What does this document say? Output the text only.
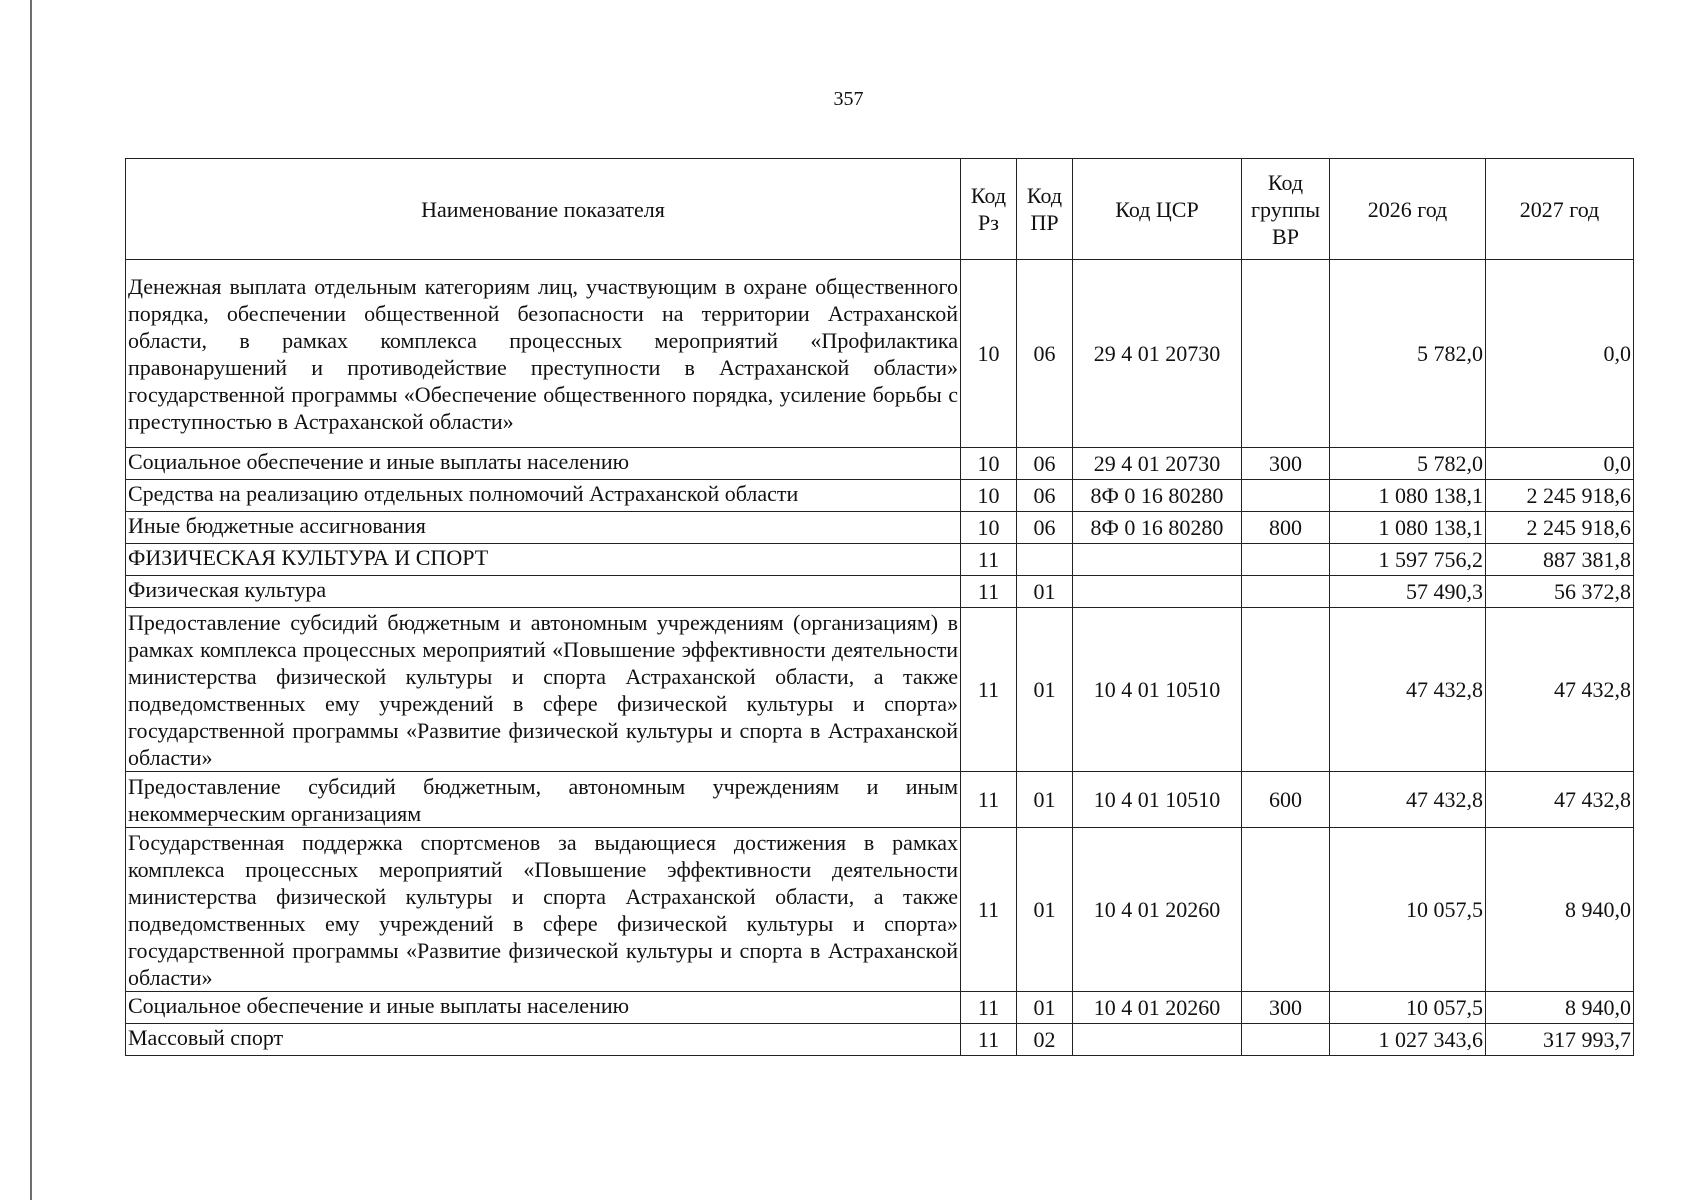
357
Наименование показателя	Код Рз	Код ПР	Код ЦСР	Код группы ВР	2026 год	2027 год
Денежная выплата отдельным категориям лиц, участвующим в охране общественного порядка, обеспечении общественной безопасности на территории Астраханской области, в рамках комплекса процессных мероприятий «Профилактика правонарушений и противодействие преступности в Астраханской области» государственной программы «Обеспечение общественного порядка, усиление борьбы с преступностью в Астраханской области»	10	06	29 4 01 20730		5 782,0	0,0
Социальное обеспечение и иные выплаты населению	10	06	29 4 01 20730	300	5 782,0	0,0
Средства на реализацию отдельных полномочий Астраханской области	10	06	8Ф 0 16 80280		1 080 138,1	2 245 918,6
Иные бюджетные ассигнования	10	06	8Ф 0 16 80280	800	1 080 138,1	2 245 918,6
ФИЗИЧЕСКАЯ КУЛЬТУРА И СПОРТ	11				1 597 756,2	887 381,8
Физическая культура	11	01			57 490,3	56 372,8
Предоставление субсидий бюджетным и автономным учреждениям (организациям) в рамках комплекса процессных мероприятий «Повышение эффективности деятельности министерства физической культуры и спорта Астраханской области, а также подведомственных ему учреждений в сфере физической культуры и спорта» государственной программы «Развитие физической культуры и спорта в Астраханской области»	11	01	10 4 01 10510		47 432,8	47 432,8
Предоставление субсидий бюджетным, автономным учреждениям и иным некоммерческим организациям	11	01	10 4 01 10510	600	47 432,8	47 432,8
Государственная поддержка спортсменов за выдающиеся достижения в рамках комплекса процессных мероприятий «Повышение эффективности деятельности министерства физической культуры и спорта Астраханской области, а также подведомственных ему учреждений в сфере физической культуры и спорта» государственной программы «Развитие физической культуры и спорта в Астраханской области»	11	01	10 4 01 20260		10 057,5	8 940,0
Социальное обеспечение и иные выплаты населению	11	01	10 4 01 20260	300	10 057,5	8 940,0
Массовый спорт	11	02			1 027 343,6	317 993,7
